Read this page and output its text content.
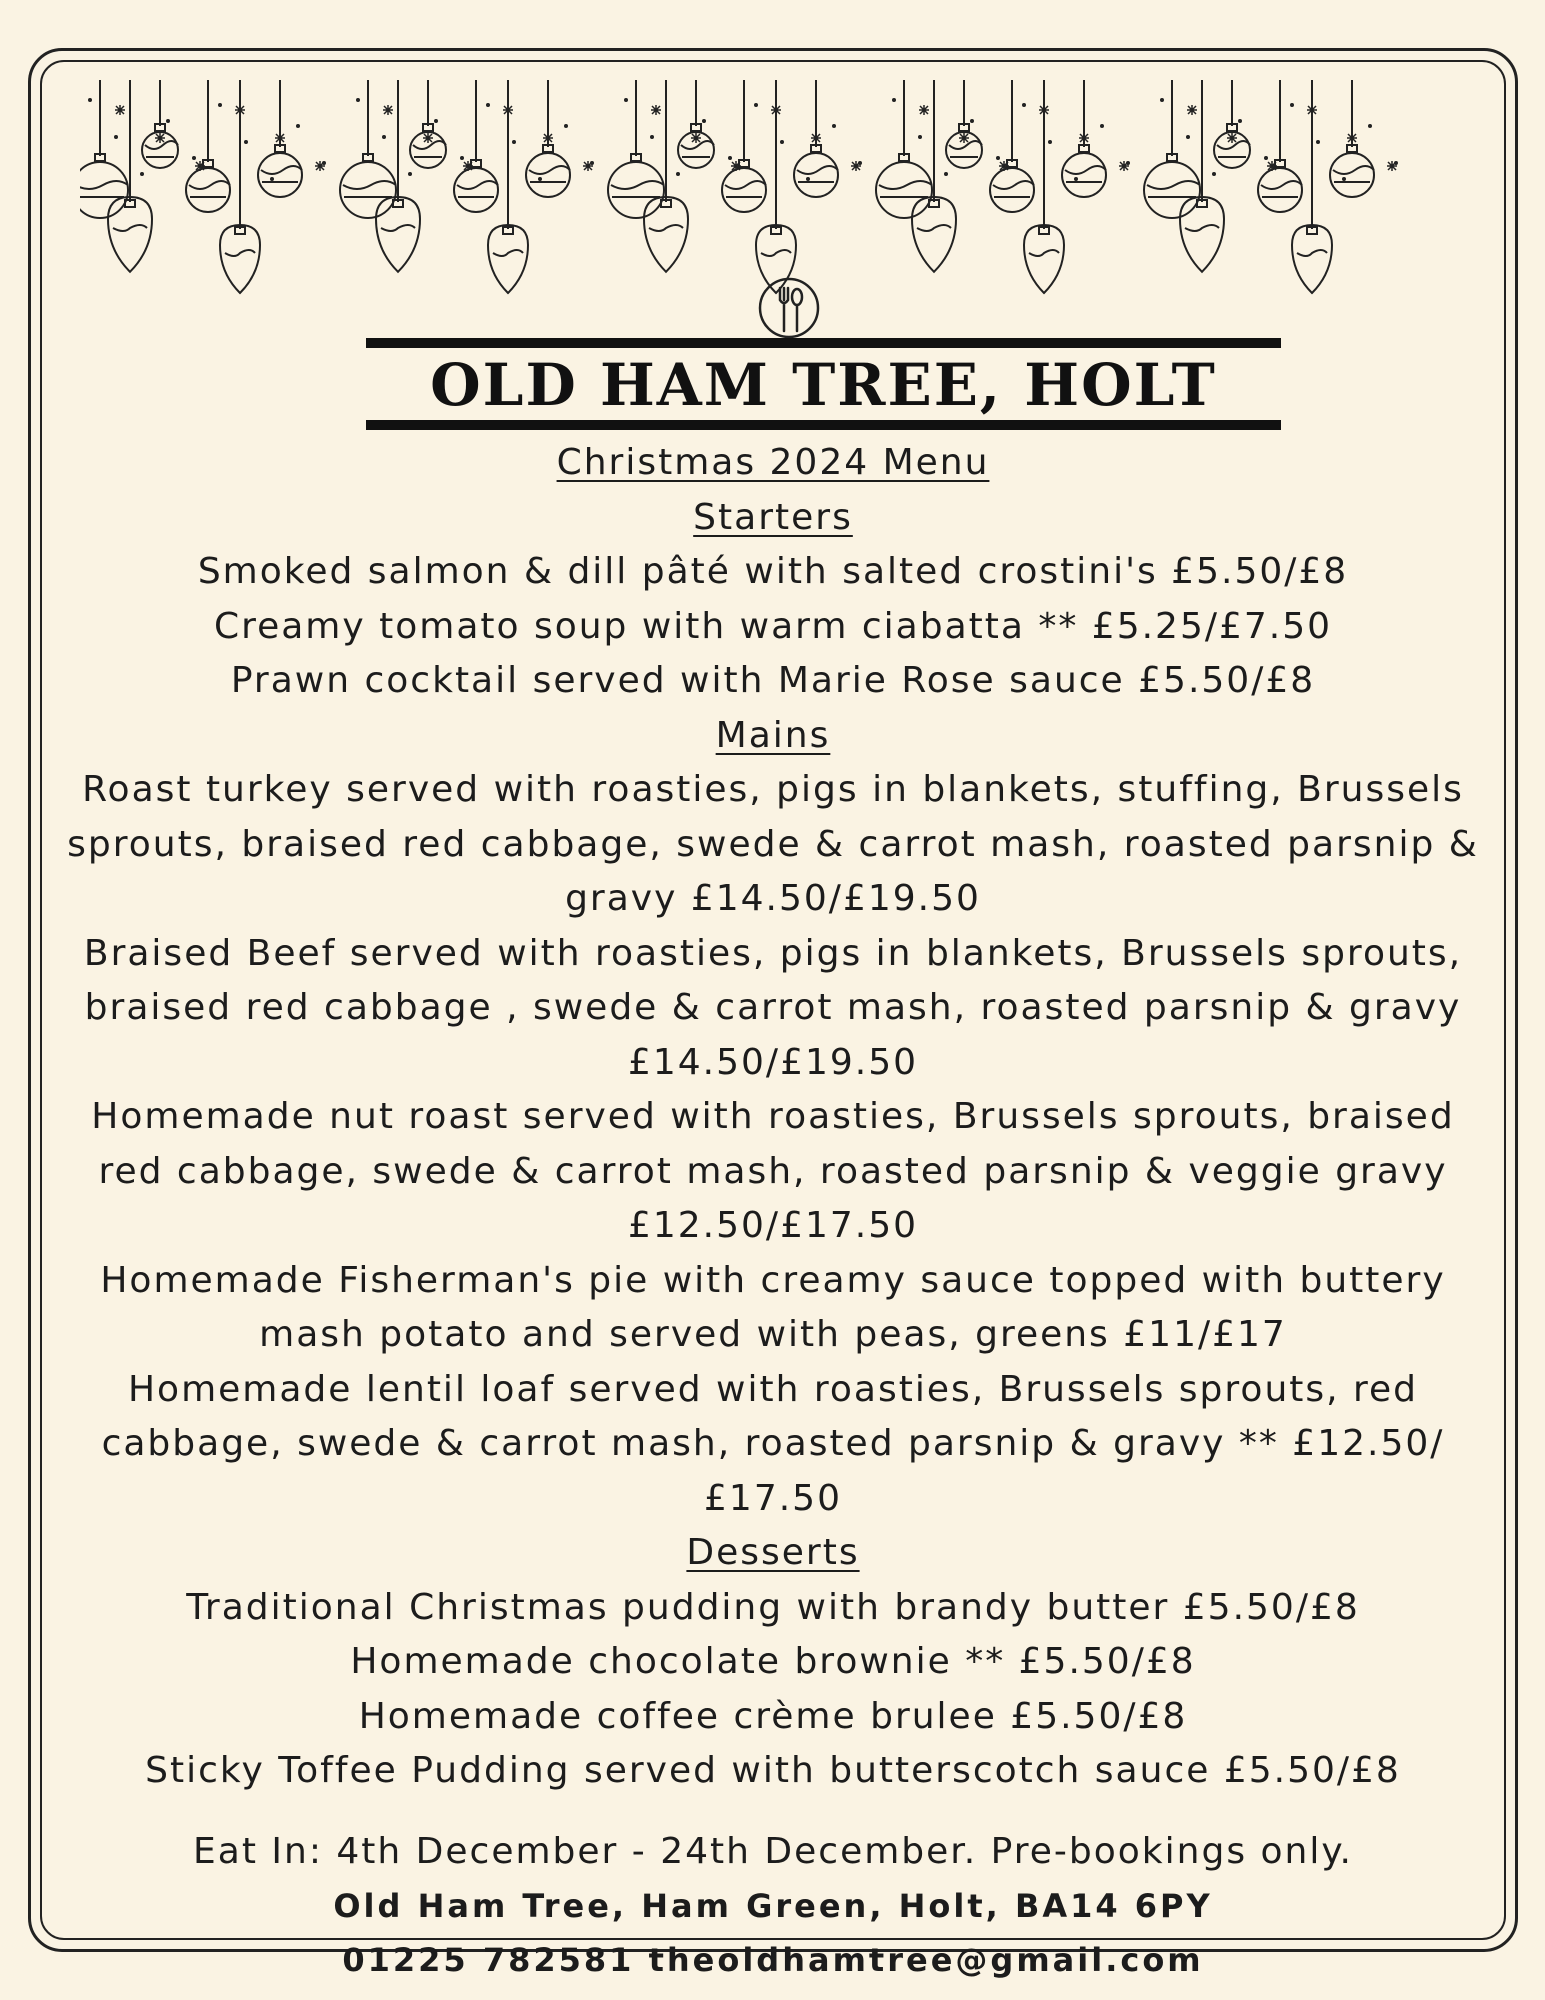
OLD HAM TREE, HOLT

Christmas 2024 Menu

Starters

Smoked salmon & dill pâté with salted crostini's £5.50/£8

Creamy tomato soup with warm ciabatta ** £5.25/£7.50

Prawn cocktail served with Marie Rose sauce £5.50/£8

Mains

Roast turkey served with roasties, pigs in blankets, stuffing, Brussels

sprouts, braised red cabbage, swede & carrot mash, roasted parsnip &

gravy £14.50/£19.50

Braised Beef served with roasties, pigs in blankets, Brussels sprouts,

braised red cabbage , swede & carrot mash, roasted parsnip & gravy

£14.50/£19.50

Homemade nut roast served with roasties, Brussels sprouts, braised

red cabbage, swede & carrot mash, roasted parsnip & veggie gravy

£12.50/£17.50

Homemade Fisherman's pie with creamy sauce topped with buttery

mash potato and served with peas, greens £11/£17

Homemade lentil loaf served with roasties, Brussels sprouts, red

cabbage, swede & carrot mash, roasted parsnip & gravy ** £12.50/£17.50

Desserts

Traditional Christmas pudding with brandy butter £5.50/£8

Homemade chocolate brownie ** £5.50/£8

Homemade coffee crème brulee £5.50/£8

Sticky Toffee Pudding served with butterscotch sauce £5.50/£8

Eat In: 4th December - 24th December. Pre-bookings only.

Old Ham Tree, Ham Green, Holt, BA14 6PY

01225 782581 theoldhamtree@gmail.com
